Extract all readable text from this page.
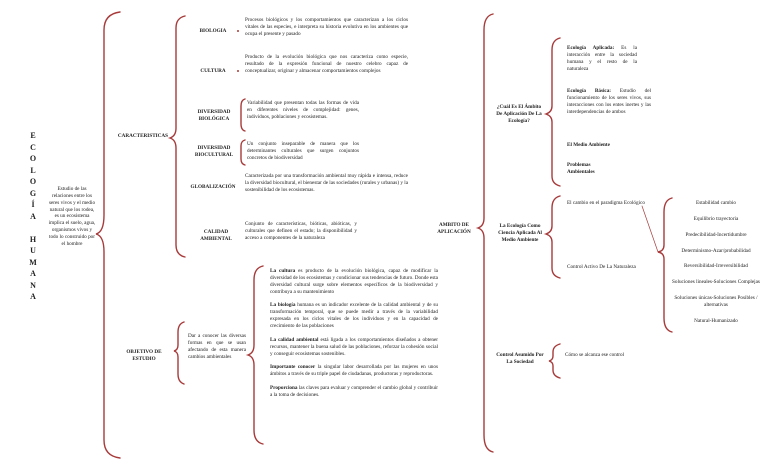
E
C
O
L
O
G
Í
A

H
U
M
A
N
A
Estudio de las relaciones entre los seres vivos y el medio natural que los rodea, es un ecosistema implica el suelo, agua, organismos vivos y todo lo construido por el hombre
CARACTERISTICAS
BIOLOGIA
Procesos biológicos y los comportamientos que caracterizan a los ciclos vitales de las especies, e interpreta su historia evolutiva en los ambientes que ocupa el presente y pasado
CULTURA
Producto de la evolución biológica que nos caracteriza como especie, resultado de la expresión funcional de nuestro celebro capaz de conceptualizar, originar y almacenar comportamientos complejos
DIVERSIDAD BIOLÓGICA
Variabilidad que presentan todas las formas de vida en diferentes niveles de complejidad: genes, individuos, poblaciones y ecosistemas.
DIVERSIDAD BIOCULTURAL
Un conjunto inseparable de manera que los determinantes culturales que surgen conjuntos concretos de biodiversidad
GLOBALIZACIÓN
Caracterizada por una transformación ambiental muy rápida e intensa, reduce la diversidad biocultural, el bienestar de las sociedades (rurales y urbanas) y la sostenibilidad de los ecosistemas.
CALIDAD AMBIENTAL
Conjunto de características, bióticas, abióticas, y culturales que definen el estado; la disponibilidad y acceso a componentes de la naturaleza
OBJETIVO DE ESTUDIO
Dar a conocer las diversas formas en que se usan afectando de esta manera cambios ambientales
La cultura es producto de la evolución biológica, capaz de modificar la diversidad de los ecosistemas y condicionar sus tendencias de futuro. Donde esta diversidad cultural surge sobre elementos específicos de la biodiversidad y contribuya a su mantenimiento
La biología humana es un indicador excelente de la calidad ambiental y de su transformación temporal, que se puede medir a través de la variabilidad expresada en los ciclos vitales de los individuos y en la capacidad de crecimiento de las poblaciones
La calidad ambiental está ligada a los comportamientos diseñados a obtener recursos, mantener la buena salud de las poblaciones, reforzar la cohesión social y conseguir ecosistemas sostenibles.
Importante conocer la singular labor desarrollada por las mujeres en unos ámbitos a través de su triple papel de ciudadanas, productoras y reproductoras.
Proporciona las claves para evaluar y comprender el cambio global y contribuir a la toma de decisiones.
AMBITO DE APLICACIÓN
¿Cuál Es El Ámbito De Aplicación De La Ecología?
Ecología Aplicada: Es la interacción entre la sociedad humana y el resto de la naturaleza
Ecología Básica: Estudio del funcionamiento de los seres vivos, sus interacciones con los entes inertes y las interdependencias de ambos
El Medio Ambiente
Problemas Ambientales
La Ecología Como Ciencia Aplicada Al Medio Ambiente
El cambio en el paradigma Ecológico
Control Activo De La Naturaleza
Estabilidad cambio
Equilibrio trayectoria
Predecibilidad-Incertidumbre
Determinismo-Azar/probabilidad
Reversibilidad-Irreversibilidad
Soluciones lineales-Soluciones Complejas
Soluciones únicas-Soluciones Posibles / alternativas
Natural-Humanizado
Control Asumido Por La Sociedad
Cómo se alcanza ese control
